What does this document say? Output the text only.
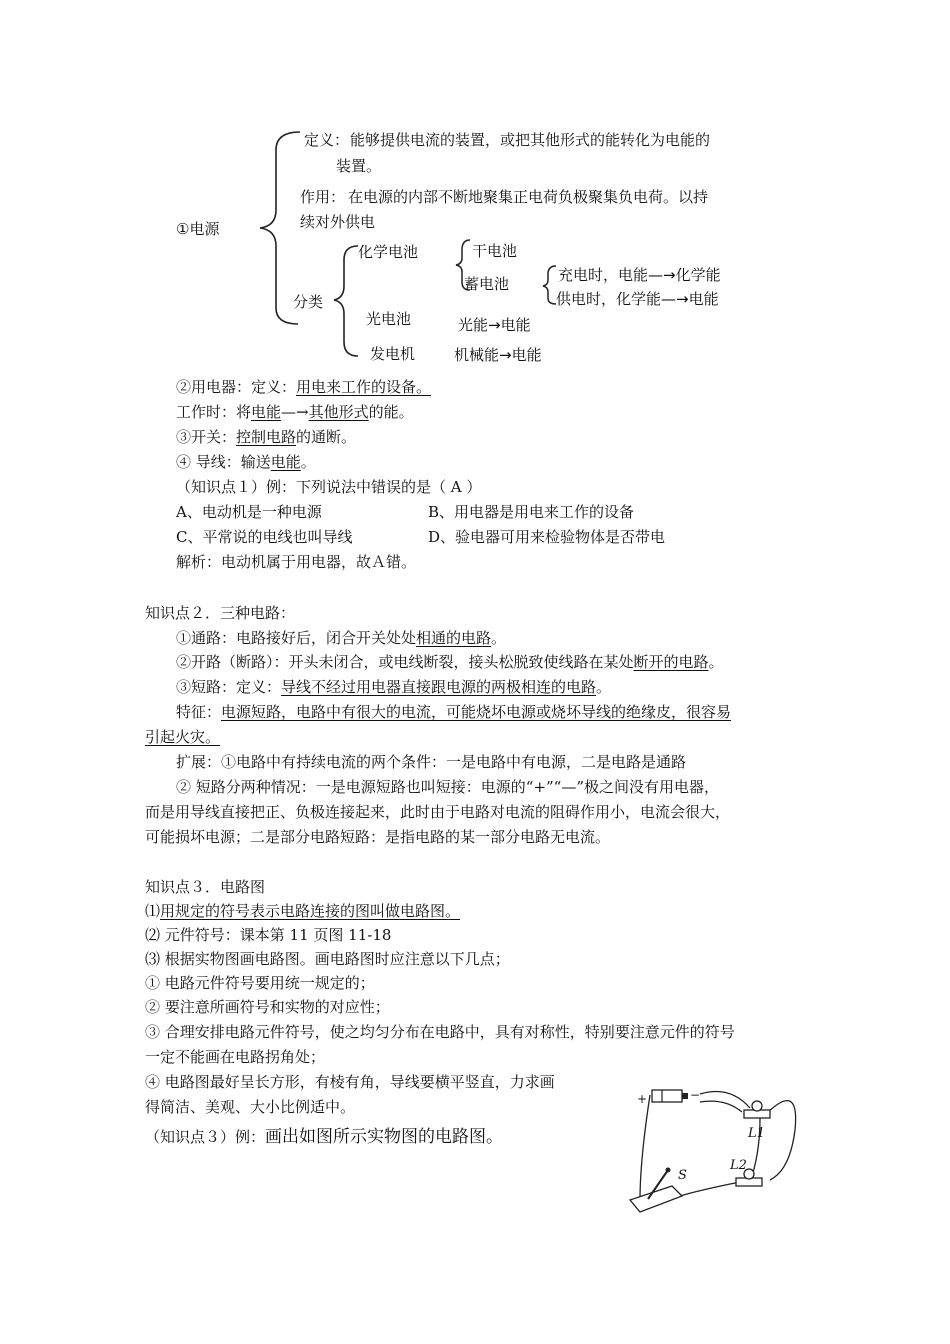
①电源
定义： 能够提供电流的装置，或把其他形式的能转化为电能的
装置。
作用： 在电源的内部不断地聚集正电荷负极聚集负电荷。以持
续对外供电
分类
化学电池	干电池
蓄电池	充电时，电能—→化学能
供电时，化学能—→电能
光电池	光能→电能
发电机	机械能→电能
②用电器：定义：用电来工作的设备。
工作时：将电能—→其他形式的能。
③开关：控制电路的通断。
④ 导线：输送电能。
（知识点１）例：下列说法中错误的是（ A ）
A、电动机是一种电源	B、用电器是用电来工作的设备
C、平常说的电线也叫导线	D、验电器可用来检验物体是否带电
解析：电动机属于用电器，故Ａ错。
知识点２．三种电路：
①通路：电路接好后，闭合开关处处相通的电路。
②开路（断路）：开头未闭合，或电线断裂，接头松脱致使线路在某处断开的电路。
③短路：定义：导线不经过用电器直接跟电源的两极相连的电路。
特征：电源短路，电路中有很大的电流，可能烧坏电源或烧坏导线的绝缘皮，很容易
引起火灾。
扩展：①电路中有持续电流的两个条件：一是电路中有电源，二是电路是通路
② 短路分两种情况：一是电源短路也叫短接：电源的“+”“—”极之间没有用电器，
而是用导线直接把正、负极连接起来，此时由于电路对电流的阻碍作用小，电流会很大，
可能损坏电源；二是部分电路短路：是指电路的某一部分电路无电流。
知识点３．电路图
⑴用规定的符号表示电路连接的图叫做电路图。
⑵ 元件符号：课本第 11 页图 11-18
⑶ 根据实物图画电路图。画电路图时应注意以下几点；
① 电路元件符号要用统一规定的；
② 要注意所画符号和实物的对应性；
③ 合理安排电路元件符号，使之均匀分布在电路中，具有对称性，特别要注意元件的符号
一定不能画在电路拐角处；
④ 电路图最好呈长方形，有棱有角，导线要横平竖直，力求画
得简洁、美观、大小比例适中。
（知识点３）例：画出如图所示实物图的电路图。
+	−
L1
L2
S
